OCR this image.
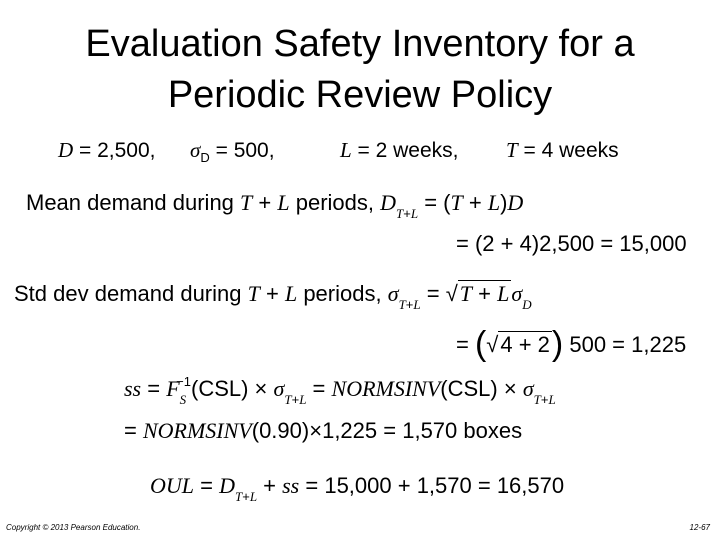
Evaluation Safety Inventory for a
Periodic Review Policy
D = 2,500, $\sigma_D = 500$,	L = 2 weeks, T = 4 weeks
Mean demand during T + L periods, $D_{T+L} = (T + L)D$
= (2 + 4)2,500 = 15,000
Std dev demand during T + L periods, $\sigma_{T+L} = √T + L\sigma_D$
= (√4 + 2) 500 = 1,225
ss = $F_S^{-1}(CSL) \times \sigma_{T+L}$ = NORMSINV(CSL) × $\sigma_{T+L}$
= NORMSINV(0.90)×1,225 = 1,570 boxes
OUL = $D_{T+L}$ + ss = 15,000 + 1,570 = 16,570
Copyright © 2013 Pearson Education.	12-67
